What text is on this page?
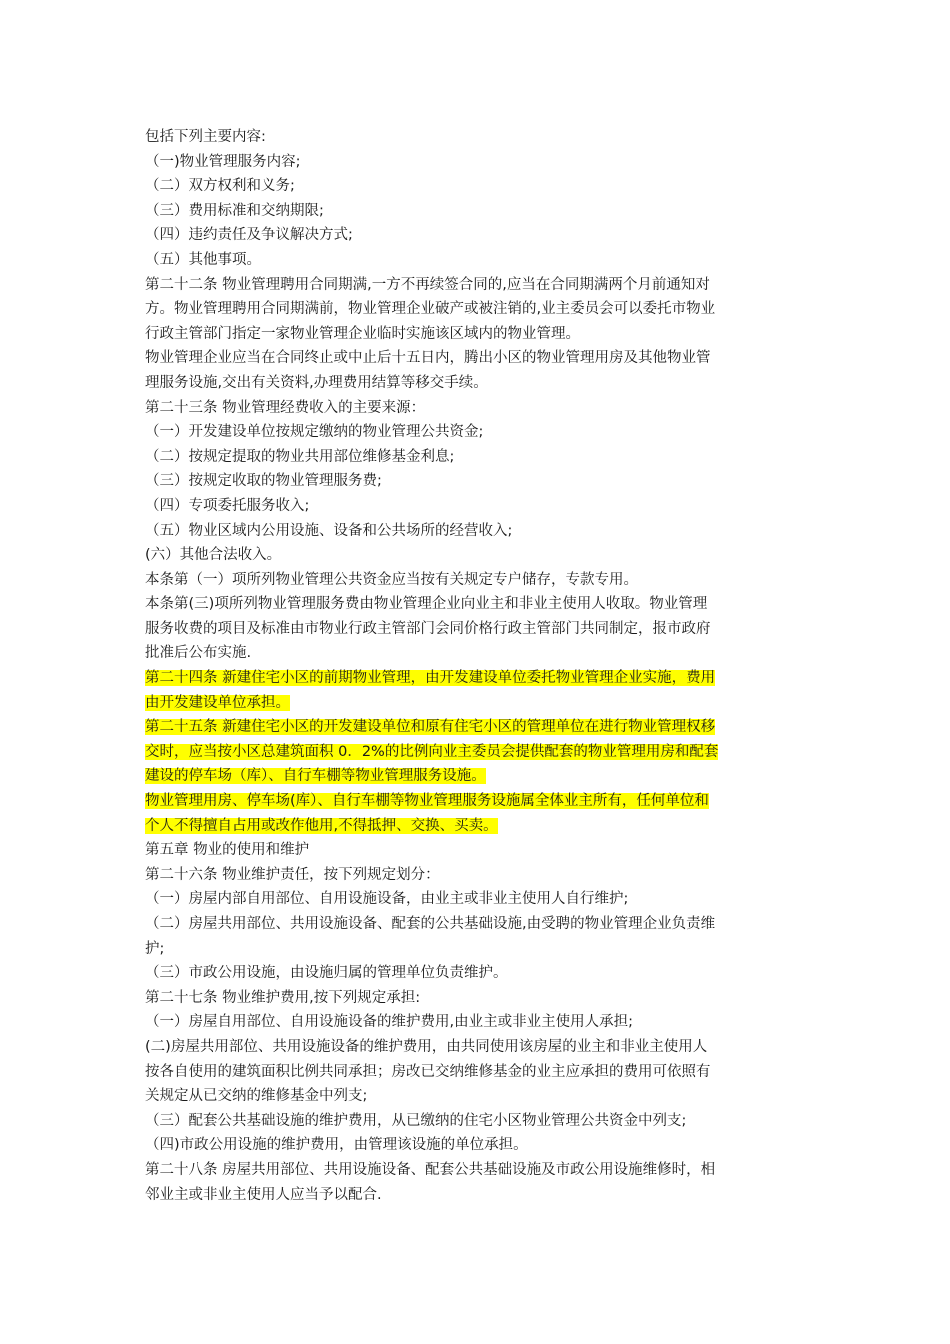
包括下列主要内容:
（一)物业管理服务内容;
（二）双方权利和义务;
（三）费用标准和交纳期限;
（四）违约责任及争议解决方式;
（五）其他事项。
第二十二条 物业管理聘用合同期满,一方不再续签合同的,应当在合同期满两个月前通知对
方。物业管理聘用合同期满前，物业管理企业破产或被注销的,业主委员会可以委托市物业
行政主管部门指定一家物业管理企业临时实施该区域内的物业管理。
物业管理企业应当在合同终止或中止后十五日内，腾出小区的物业管理用房及其他物业管
理服务设施,交出有关资料,办理费用结算等移交手续。
第二十三条 物业管理经费收入的主要来源：
（一）开发建设单位按规定缴纳的物业管理公共资金;
（二）按规定提取的物业共用部位维修基金利息;
（三）按规定收取的物业管理服务费;
（四）专项委托服务收入;
（五）物业区域内公用设施、设备和公共场所的经营收入;
(六）其他合法收入。
本条第（一）项所列物业管理公共资金应当按有关规定专户储存，专款专用。
本条第(三)项所列物业管理服务费由物业管理企业向业主和非业主使用人收取。物业管理
服务收费的项目及标准由市物业行政主管部门会同价格行政主管部门共同制定，报市政府
批准后公布实施.
第二十四条 新建住宅小区的前期物业管理，由开发建设单位委托物业管理企业实施，费用
由开发建设单位承担。
第二十五条 新建住宅小区的开发建设单位和原有住宅小区的管理单位在进行物业管理权移
交时，应当按小区总建筑面积 0．2%的比例向业主委员会提供配套的物业管理用房和配套
建设的停车场（库）、自行车棚等物业管理服务设施。
物业管理用房、停车场(库）、自行车棚等物业管理服务设施属全体业主所有，任何单位和
个人不得擅自占用或改作他用,不得抵押、交换、买卖。
第五章 物业的使用和维护
第二十六条 物业维护责任，按下列规定划分：
（一）房屋内部自用部位、自用设施设备，由业主或非业主使用人自行维护;
（二）房屋共用部位、共用设施设备、配套的公共基础设施,由受聘的物业管理企业负责维
护;
（三）市政公用设施，由设施归属的管理单位负责维护。
第二十七条 物业维护费用,按下列规定承担:
（一）房屋自用部位、自用设施设备的维护费用,由业主或非业主使用人承担;
(二)房屋共用部位、共用设施设备的维护费用，由共同使用该房屋的业主和非业主使用人
按各自使用的建筑面积比例共同承担；房改已交纳维修基金的业主应承担的费用可依照有
关规定从已交纳的维修基金中列支;
（三）配套公共基础设施的维护费用，从已缴纳的住宅小区物业管理公共资金中列支;
（四)市政公用设施的维护费用，由管理该设施的单位承担。
第二十八条 房屋共用部位、共用设施设备、配套公共基础设施及市政公用设施维修时，相
邻业主或非业主使用人应当予以配合.
